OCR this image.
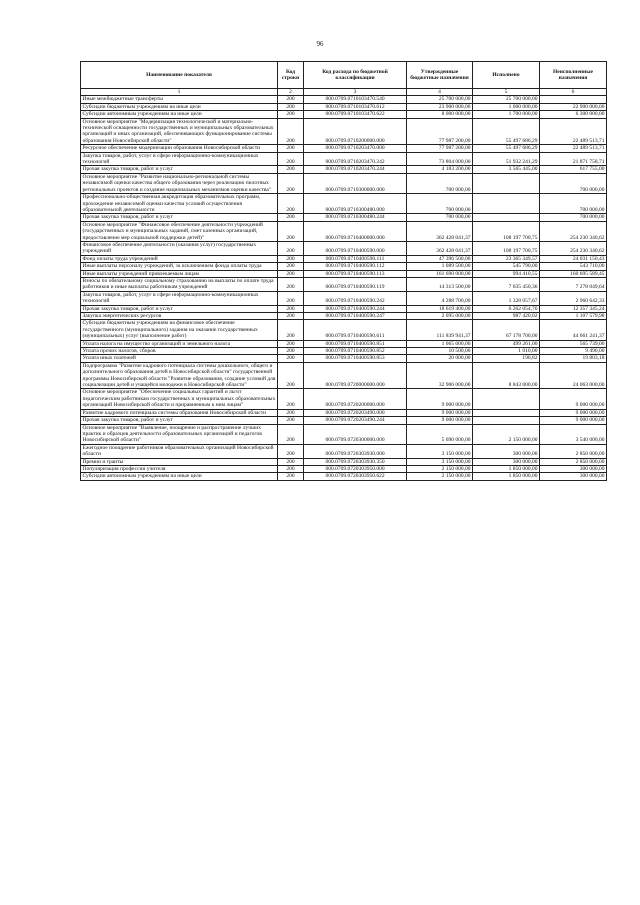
96
Наименование показателя	Код строки	Код расхода по бюджетной классификации	Утвержденные бюджетные назначения	Исполнено	Неисполненные назначения
1	2	3	4	5	6
Иные межбюджетные трансферты	200	000.0709.0710103470.540	25 700 000,00	25 700 000,00	
Субсидии бюджетным учреждениям на иные цели	200	000.0709.0710103470.612	23 900 000,00	1 000 000,00	22 900 000,00
Субсидии автономным учреждениям на иные цели	200	000.0709.0710103470.622	8 000 000,00	1 700 000,00	6 300 000,00
Основное мероприятие "Модернизация технологической и материально-технической оснащенности государственных и муниципальных образовательных организаций и иных организаций, обеспечивающих функционирование системы образования Новосибирской области"	200	000.0709.0710200000.000	77 987 200,00	55 497 686,29	22 489 513,71
Ресурсное обеспечение модернизации образования Новосибирской области	200	000.0709.0710203470.000	77 987 200,00	55 497 686,29	22 489 513,71
Закупка товаров, работ, услуг в сфере информационно-коммуникационных технологий	200	000.0709.0710203470.242	73 804 000,00	51 932 241,29	21 871 758,71
Прочая закупка товаров, работ и услуг	200	000.0709.0710203470.244	4 183 200,00	3 565 445,00	617 755,00
Основное мероприятие "Развитие национально-региональной системы независимой оценки качества общего образования через реализацию пилотных региональных проектов и создание национальных механизмов оценки качества"	200	000.0709.0710300000.000	700 000,00		700 000,00
Профессионально-общественная аккредитация образовательных программ, прохождение независимой оценки качества условий осуществления образовательной деятельности	200	000.0709.0710300480.000	700 000,00		700 000,00
Прочая закупка товаров, работ и услуг	200	000.0709.0710300480.244	700 000,00		700 000,00
Основное мероприятие "Финансовое обеспечение деятельности учреждений (государственных и муниципальных заданий, смет казенных организаций, предоставление мер социальной поддержки детей)"	200	000.0709.0710400000.000	362 428 041,37	108 197 700,75	254 230 340,62
Финансовое обеспечение деятельности (оказания услуг) государственных учреждений	200	000.0709.0710400590.000	362 428 041,37	108 197 700,75	254 230 340,62
Фонд оплаты труда учреждений	200	000.0709.0710400590.111	47 396 500,00	23 365 349,57	24 031 150,43
Иные выплаты персоналу учреждений, за исключением фонда оплаты труда	200	000.0709.0710400590.112	1 089 500,00	545 790,00	543 710,00
Иные выплаты учреждений привлекаемым лицам	200	000.0709.0710400590.113	161 690 000,00	994 410,55	160 695 589,45
Взносы по обязательному социальному страхованию на выплаты по оплате труда работников и иные выплаты работникам учреждений	200	000.0709.0710400590.119	14 313 500,00	7 035 450,36	7 278 049,64
Закупка товаров, работ, услуг в сфере информационно-коммуникационных технологий	200	000.0709.0710400590.242	4 288 700,00	1 328 057,67	2 960 642,33
Прочая закупка товаров, работ и услуг	200	000.0709.0710400590.244	18 619 400,00	6 262 054,76	12 357 345,24
Закупка энергетических ресурсов	200	000.0709.0710400590.247	2 095 000,00	987 420,02	1 107 579,98
Субсидии бюджетным учреждениям на финансовое обеспечение государственного (муниципального) задания на оказание государственных (муниципальных) услуг (выполнение работ)	200	000.0709.0710400590.611	111 839 941,37	67 178 700,00	44 661 241,37
Уплата налога на имущество организаций и земельного налога	200	000.0709.0710400590.851	1 065 000,00	499 261,00	565 739,00
Уплата прочих налогов, сборов	200	000.0709.0710400590.852	10 500,00	1 010,00	9 490,00
Уплата иных платежей	200	000.0709.0710400590.853	20 000,00	196,82	19 803,18
Подпрограмма "Развитие кадрового потенциала системы дошкольного, общего и дополнительного образования детей в Новосибирской области" государственной программы Новосибирской области "Развитие образования, создание условий для социализации детей и учащейся молодежи в Новосибирской области"	200	000.0709.0720000000.000	32 906 000,00	8 843 000,00	24 063 000,00
Основное мероприятие "Обеспечение социальных гарантий и льгот педагогическим работникам государственных и муниципальных образовательных организаций Новосибирской области и приравненным к ним лицам"	200	000.0709.0720200000.000	9 000 000,00		9 000 000,00
Развитие кадрового потенциала системы образования Новосибирской области	200	000.0709.0720203490.000	9 000 000,00		9 000 000,00
Прочая закупка товаров, работ и услуг	200	000.0709.0720203490.244	9 000 000,00		9 000 000,00
Основное мероприятие "Выявление, поощрение и распространение лучших практик и образцов деятельности образовательных организаций и педагогов Новосибирской области"	200	000.0709.0720300000.000	5 690 000,00	2 150 000,00	3 540 000,00
Ежегодное поощрение работников образовательных организаций Новосибирской области	200	000.0709.0720303930.000	3 150 000,00	300 000,00	2 850 000,00
Премии и гранты	200	000.0709.0720303930.350	3 150 000,00	300 000,00	2 850 000,00
Популяризация профессии учителя	200	000.0709.0720303950.000	2 150 000,00	1 850 000,00	300 000,00
Субсидии автономным учреждениям на иные цели	200	000.0709.0720303950.622	2 150 000,00	1 850 000,00	300 000,00
